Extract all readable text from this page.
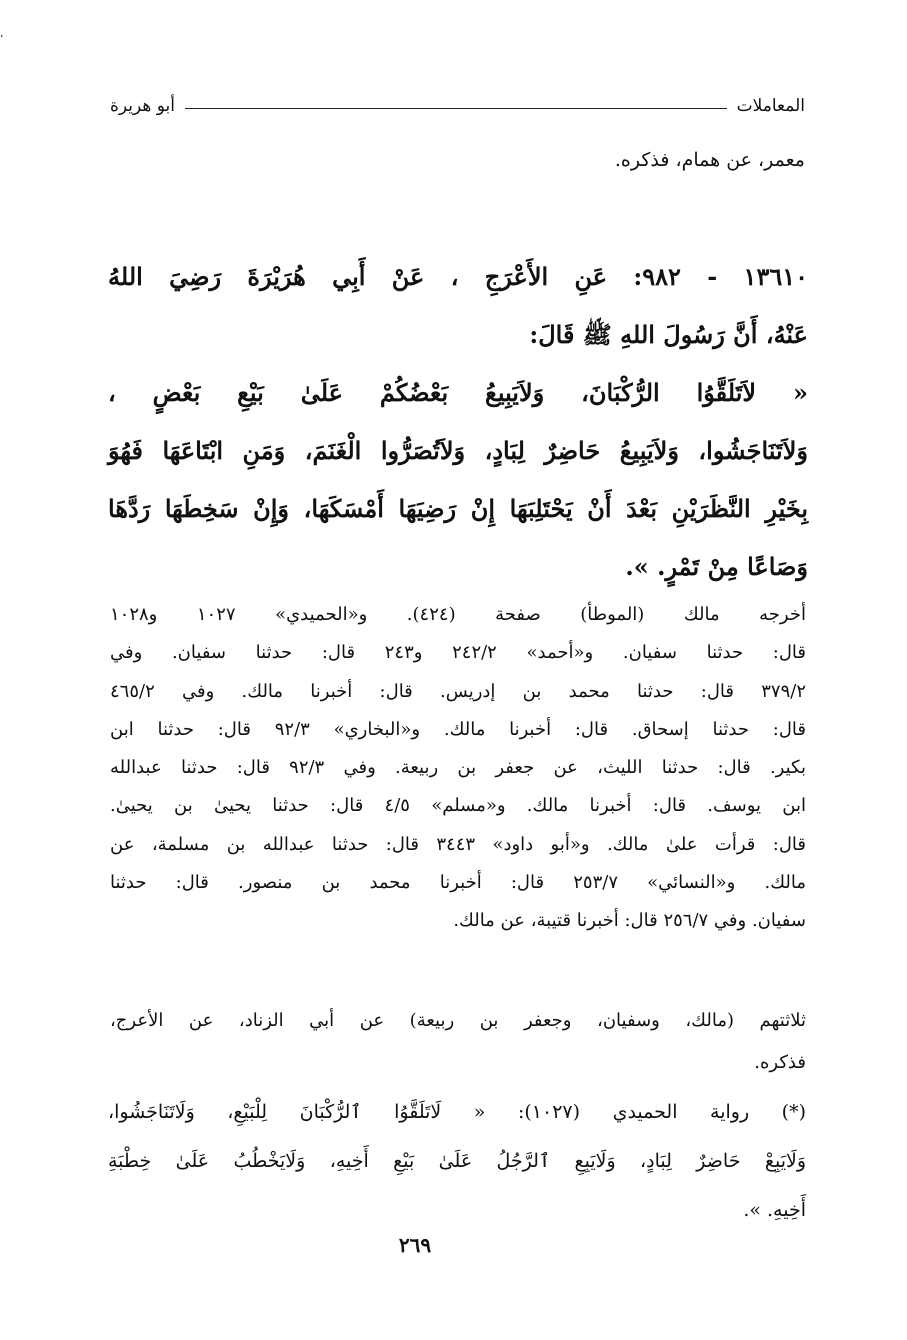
،
المعاملات
أبو هريرة
معمر، عن همام، فذكره.
١٣٦١٠ - ٩٨٢: عَنِ الأَعْرَجِ ، عَنْ أَبِي هُرَيْرَةَ رَضِيَ اللهُ
عَنْهُ، أَنَّ رَسُولَ اللهِ ﷺ قَالَ:
« لاَتَلَقَّوُا الرُّكْبَانَ، وَلاَيَبِيعُ بَعْضُكُمْ عَلَىٰ بَيْعِ بَعْضٍ ،
وَلاَتَنَاجَشُوا، وَلاَيَبِيعُ حَاضِرٌ لِبَادٍ، وَلاَتُصَرُّوا الْغَنَمَ، وَمَنِ ابْتَاعَهَا فَهُوَ
بِخَيْرِ النَّظَرَيْنِ بَعْدَ أَنْ يَحْتَلِبَهَا إِنْ رَضِيَهَا أَمْسَكَهَا، وَإِنْ سَخِطَهَا رَدَّهَا
وَصَاعًا مِنْ تَمْرٍ. ».
أخرجه مالك (الموطأ) صفحة (٤٢٤). و«الحميدي» ١٠٢٧ و١٠٢٨
قال: حدثنا سفيان. و«أحمد» ٢٤٢/٢ و٢٤٣ قال: حدثنا سفيان. وفي
٣٧٩/٢ قال: حدثنا محمد بن إدريس. قال: أخبرنا مالك. وفي ٤٦٥/٢
قال: حدثنا إسحاق. قال: أخبرنا مالك. و«البخاري» ٩٢/٣ قال: حدثنا ابن
بكير. قال: حدثنا الليث، عن جعفر بن ربيعة. وفي ٩٢/٣ قال: حدثنا عبدالله
ابن يوسف. قال: أخبرنا مالك. و«مسلم» ٤/٥ قال: حدثنا يحيىٰ بن يحيىٰ.
قال: قرأت علىٰ مالك. و«أبو داود» ٣٤٤٣ قال: حدثنا عبدالله بن مسلمة، عن
مالك. و«النسائي» ٢٥٣/٧ قال: أخبرنا محمد بن منصور. قال: حدثنا
سفيان. وفي ٢٥٦/٧ قال: أخبرنا قتيبة، عن مالك.
ثلاثتهم (مالك، وسفيان، وجعفر بن ربيعة) عن أبي الزناد، عن الأعرج،
فذكره.
(*) رواية الحميدي (١٠٢٧): « لَاتَلَقَّوُا ٱلرُّكْبَانَ لِلْبَيْعِ، وَلَاتَنَاجَشُوا،
وَلَايَبِعْ حَاضِرٌ لِبَادٍ، وَلَايَبِعِ ٱلرَّجُلُ عَلَىٰ بَيْعِ أَخِيهِ، وَلَايَخْطُبُ عَلَىٰ خِطْبَةِ
أَخِيهِ. ».
٢٦٩
